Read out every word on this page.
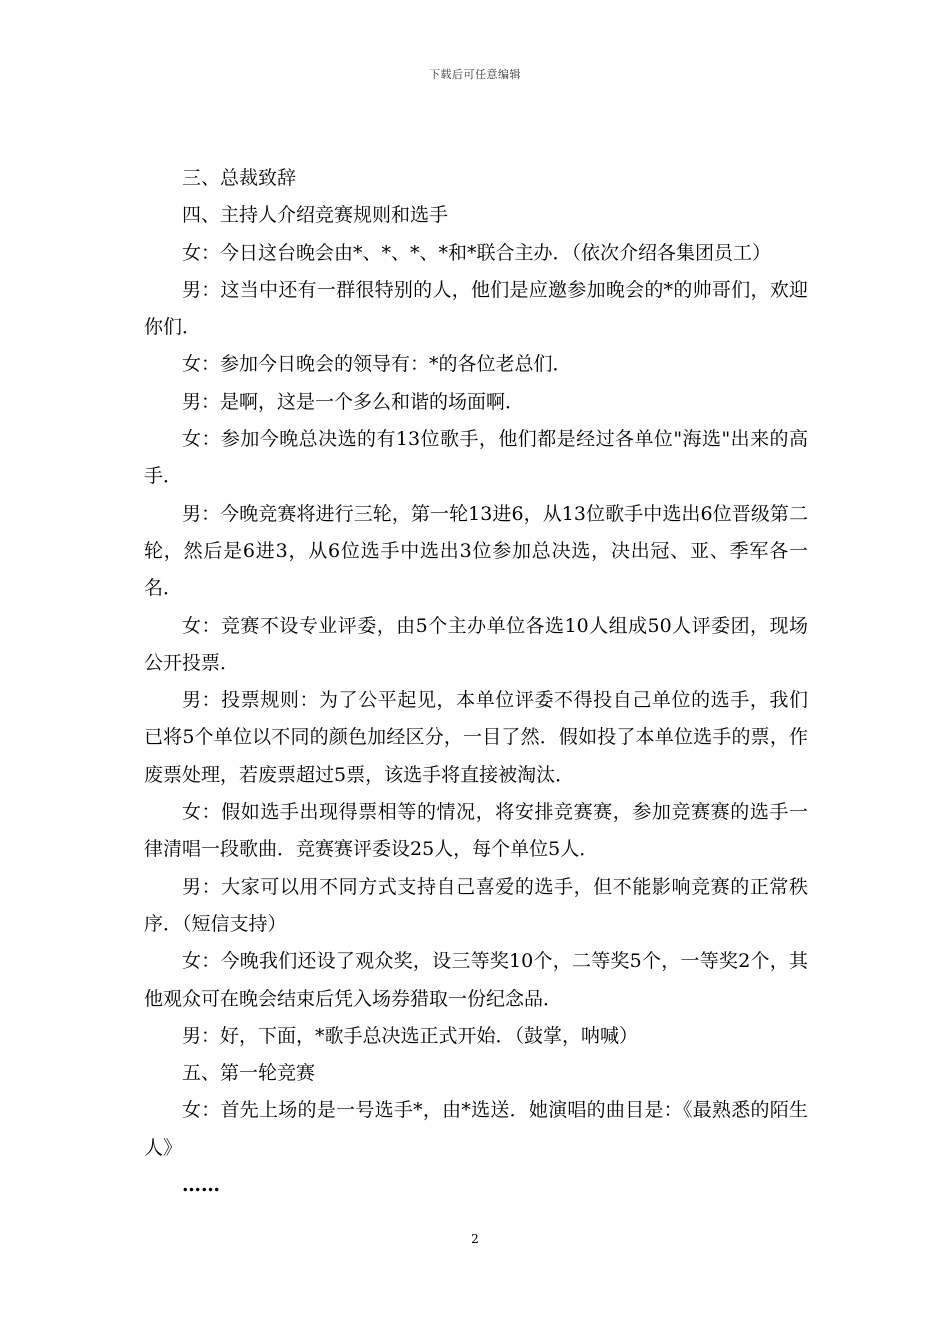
下载后可任意编辑

三、总裁致辞

四、主持人介绍竞赛规则和选手

女：今日这台晚会由*、*、*、*和*联合主办．（依次介绍各集团员工）

男：这当中还有一群很特别的人，他们是应邀参加晚会的*的帅哥们，欢迎你们．

女：参加今日晚会的领导有：*的各位老总们．

男：是啊，这是一个多么和谐的场面啊．

女：参加今晚总决选的有13位歌手，他们都是经过各单位"海选"出来的高手．

男：今晚竞赛将进行三轮，第一轮13进6，从13位歌手中选出6位晋级第二轮，然后是6进3，从6位选手中选出3位参加总决选，决出冠、亚、季军各一名．

女：竞赛不设专业评委，由5个主办单位各选10人组成50人评委团，现场公开投票．

男：投票规则：为了公平起见，本单位评委不得投自己单位的选手，我们已将5个单位以不同的颜色加经区分，一目了然．假如投了本单位选手的票，作废票处理，若废票超过5票，该选手将直接被淘汰．

女：假如选手出现得票相等的情况，将安排竞赛赛，参加竞赛赛的选手一律清唱一段歌曲．竞赛赛评委设25人，每个单位5人．

男：大家可以用不同方式支持自己喜爱的选手，但不能影响竞赛的正常秩序．（短信支持）

女：今晚我们还设了观众奖，设三等奖10个，二等奖5个，一等奖2个，其他观众可在晚会结束后凭入场券猎取一份纪念品．

男：好，下面，*歌手总决选正式开始．（鼓掌，呐喊）

五、第一轮竞赛

女：首先上场的是一号选手*，由*选送．她演唱的曲目是：《最熟悉的陌生人》

……

2
